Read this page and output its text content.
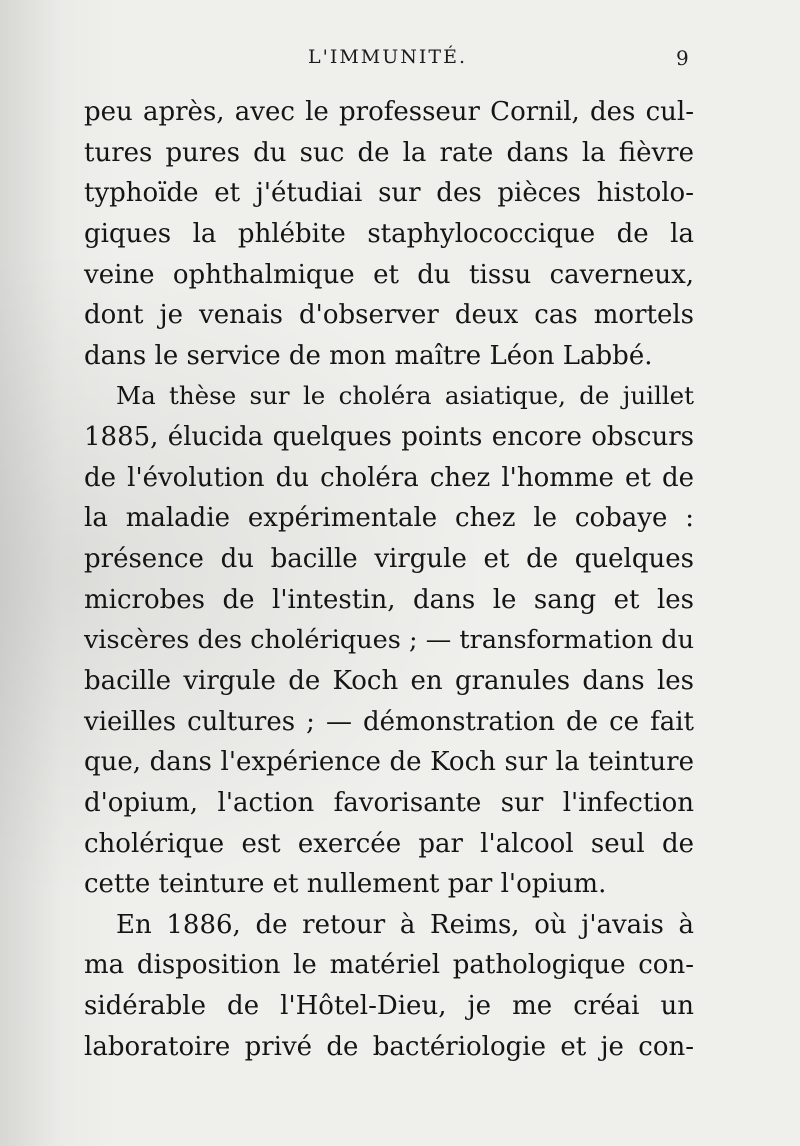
L'IMMUNITÉ.	9
peu après, avec le professeur Cornil, des cul-
tures pures du suc de la rate dans la fièvre
typhoïde et j'étudiai sur des pièces histolo-
giques la phlébite staphylococcique de la
veine ophthalmique et du tissu caverneux,
dont je venais d'observer deux cas mortels
dans le service de mon maître Léon Labbé.
Ma thèse sur le choléra asiatique, de juillet
1885, élucida quelques points encore obscurs
de l'évolution du choléra chez l'homme et de
la maladie expérimentale chez le cobaye :
présence du bacille virgule et de quelques
microbes de l'intestin, dans le sang et les
viscères des cholériques ; — transformation du
bacille virgule de Koch en granules dans les
vieilles cultures ; — démonstration de ce fait
que, dans l'expérience de Koch sur la teinture
d'opium, l'action favorisante sur l'infection
cholérique est exercée par l'alcool seul de
cette teinture et nullement par l'opium.
En 1886, de retour à Reims, où j'avais à
ma disposition le matériel pathologique con-
sidérable de l'Hôtel-Dieu, je me créai un
laboratoire privé de bactériologie et je con-
